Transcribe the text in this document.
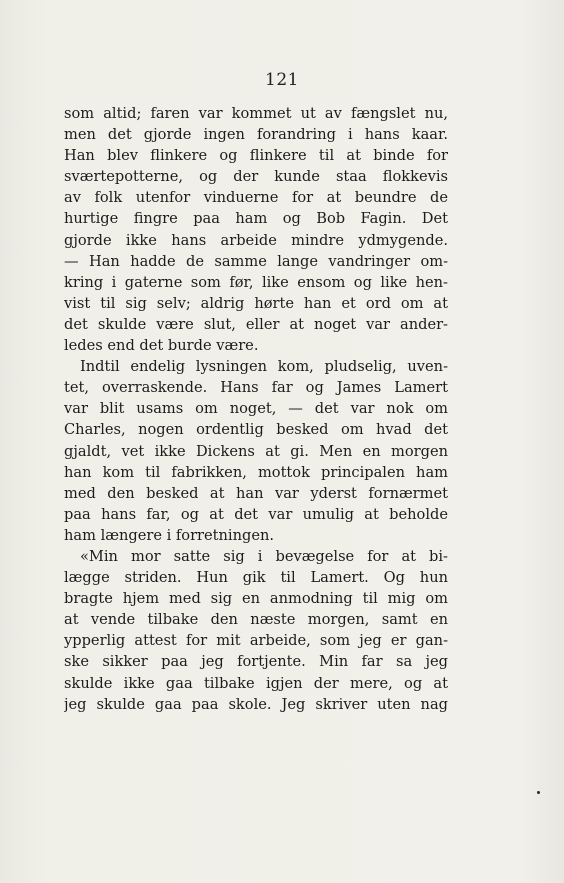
121
som altid; faren var kommet ut av fængslet nu,
men det gjorde ingen forandring i hans kaar.
Han blev flinkere og flinkere til at binde for
sværtepotterne, og der kunde staa flokkevis
av folk utenfor vinduerne for at beundre de
hurtige fingre paa ham og Bob Fagin. Det
gjorde ikke hans arbeide mindre ydmygende.
— Han hadde de samme lange vandringer om-
kring i gaterne som før, like ensom og like hen-
vist til sig selv; aldrig hørte han et ord om at
det skulde være slut, eller at noget var ander-
ledes end det burde være.
Indtil endelig lysningen kom, pludselig, uven-
tet, overraskende. Hans far og James Lamert
var blit usams om noget, — det var nok om
Charles, nogen ordentlig besked om hvad det
gjaldt, vet ikke Dickens at gi. Men en morgen
han kom til fabrikken, mottok principalen ham
med den besked at han var yderst fornærmet
paa hans far, og at det var umulig at beholde
ham længere i forretningen.
«Min mor satte sig i bevægelse for at bi-
lægge striden. Hun gik til Lamert. Og hun
bragte hjem med sig en anmodning til mig om
at vende tilbake den næste morgen, samt en
ypperlig attest for mit arbeide, som jeg er gan-
ske sikker paa jeg fortjente. Min far sa jeg
skulde ikke gaa tilbake igjen der mere, og at
jeg skulde gaa paa skole. Jeg skriver uten nag
